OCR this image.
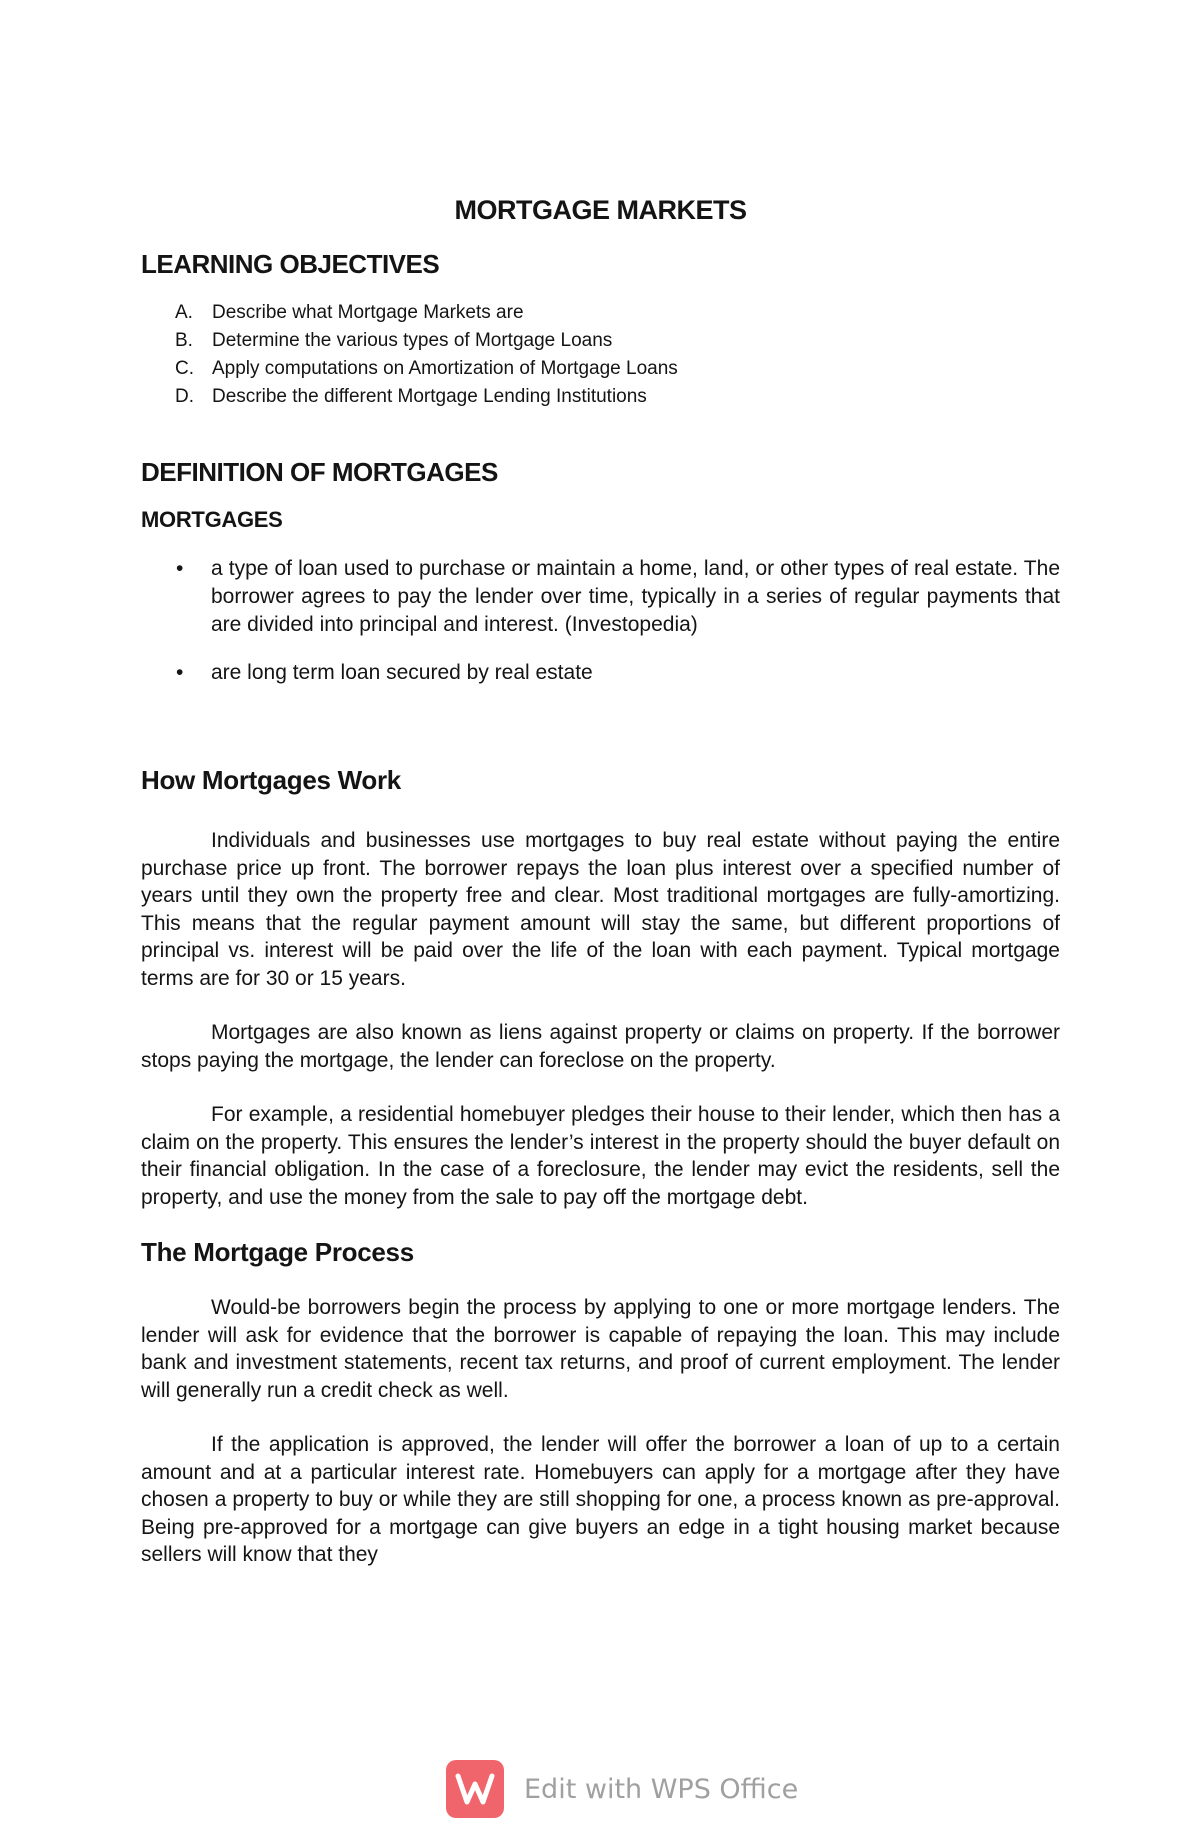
MORTGAGE MARKETS
LEARNING OBJECTIVES
A.	Describe what Mortgage Markets are
B.	Determine the various types of Mortgage Loans
C. Apply computations on Amortization of Mortgage Loans
D. Describe the different Mortgage Lending Institutions
DEFINITION OF MORTGAGES
MORTGAGES
• a type of loan used to purchase or maintain a home, land, or other types of real estate. The borrower agrees to pay the lender over time, typically in a series of regular payments that are divided into principal and interest. (Investopedia)
• are long term loan secured by real estate
How Mortgages Work

Individuals and businesses use mortgages to buy real estate without paying the entire purchase price up front. The borrower repays the loan plus interest over a specified number of years until they own the property free and clear. Most traditional mortgages are fully-amortizing. This means that the regular payment amount will stay the same, but different proportions of principal vs. interest will be paid over the life of the loan with each payment. Typical mortgage terms are for 30 or 15 years.

Mortgages are also known as liens against property or claims on property. If the borrower stops paying the mortgage, the lender can foreclose on the property.

For example, a residential homebuyer pledges their house to their lender, which then has a claim on the property. This ensures the lender’s interest in the property should the buyer default on their financial obligation. In the case of a foreclosure, the lender may evict the residents, sell the property, and use the money from the sale to pay off the mortgage debt.

The Mortgage Process

Would-be borrowers begin the process by applying to one or more mortgage lenders. The lender will ask for evidence that the borrower is capable of repaying the loan. This may include bank and investment statements, recent tax returns, and proof of current employment. The lender will generally run a credit check as well.

If the application is approved, the lender will offer the borrower a loan of up to a certain amount and at a particular interest rate. Homebuyers can apply for a mortgage after they have chosen a property to buy or while they are still shopping for one, a process known as pre-approval. Being pre-approved for a mortgage can give buyers an edge in a tight housing market because sellers will know that they

Edit with WPS Office
